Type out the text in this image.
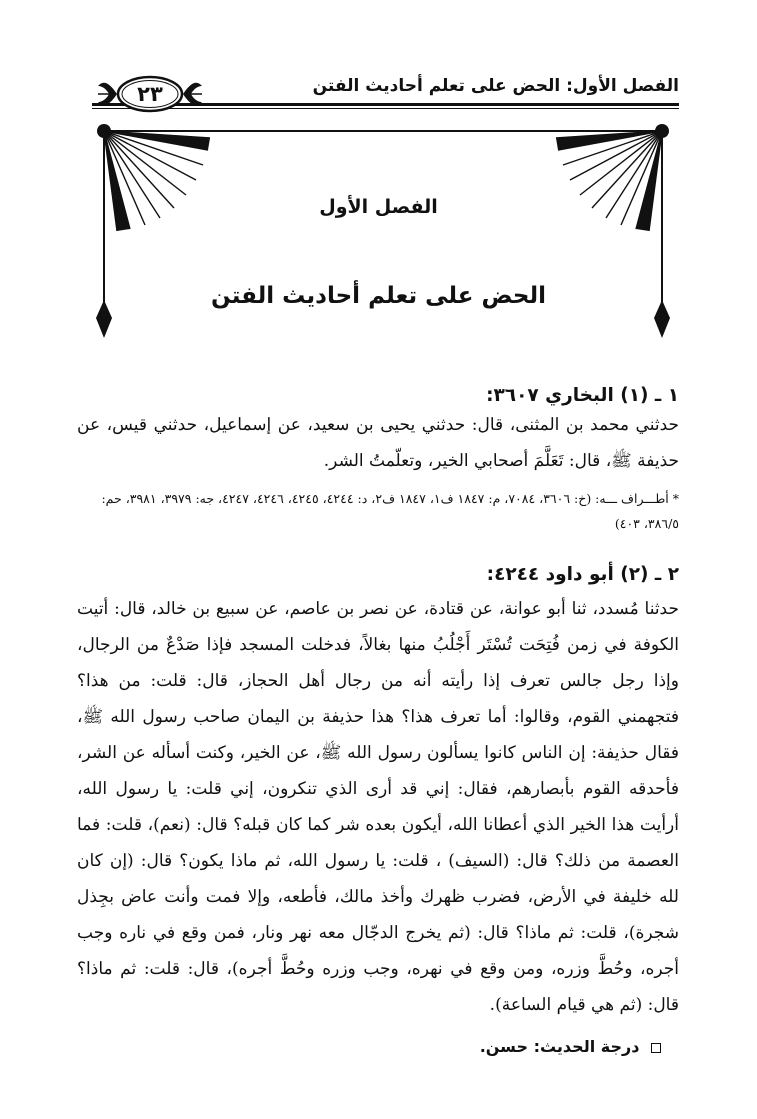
الفصل الأول: الحض على تعلم أحاديث الفتن
٢٣
الفصل الأول
الحض على تعلم أحاديث الفتن

١ ـ (١) البخاري ٣٦٠٧:

حدثني محمد بن المثنى، قال: حدثني يحيى بن سعيد، عن إسماعيل، حدثني قيس، عن حذيفة ﷺ، قال: تَعَلَّمَ أصحابي الخير، وتعلّمتُ الشر.

* أطـــراف ـــه: (خ: ٣٦٠٦، ٧٠٨٤، م: ١٨٤٧ ف١، ١٨٤٧ ف٢، د: ٤٢٤٤، ٤٢٤٥، ٤٢٤٦، ٤٢٤٧، جه: ٣٩٧٩، ٣٩٨١، حم: ٣٨٦/٥، ٤٠٣)

٢ ـ (٢) أبو داود ٤٢٤٤:

حدثنا مُسدد، ثنا أبو عوانة، عن قتادة، عن نصر بن عاصم، عن سبيع بن خالد، قال: أتيت الكوفة في زمن فُتِحَت تُسْتَر أَجْلُبُ منها بغالاً، فدخلت المسجد فإذا صَدْعٌ من الرجال، وإذا رجل جالس تعرف إذا رأيته أنه من رجال أهل الحجاز، قال: قلت: من هذا؟ فتجهمني القوم، وقالوا: أما تعرف هذا؟ هذا حذيفة بن اليمان صاحب رسول الله ﷺ، فقال حذيفة: إن الناس كانوا يسألون رسول الله ﷺ، عن الخير، وكنت أسأله عن الشر، فأحدقه القوم بأبصارهم، فقال: إني قد أرى الذي تنكرون، إني قلت: يا رسول الله، أرأيت هذا الخير الذي أعطانا الله، أيكون بعده شر كما كان قبله؟ قال: (نعم)، قلت: فما العصمة من ذلك؟ قال: (السيف) ، قلت: يا رسول الله، ثم ماذا يكون؟ قال: (إن كان لله خليفة في الأرض، فضرب ظهرك وأخذ مالك، فأطعه، وإلا فمت وأنت عاض بجِذل شجرة)، قلت: ثم ماذا؟ قال: (ثم يخرج الدجّال معه نهر ونار، فمن وقع في ناره وجب أجره، وحُطَّ وزره، ومن وقع في نهره، وجب وزره وحُطَّ أجره)، قال: قلت: ثم ماذا؟ قال: (ثم هي قيام الساعة).

درجة الحديث: حسن.
